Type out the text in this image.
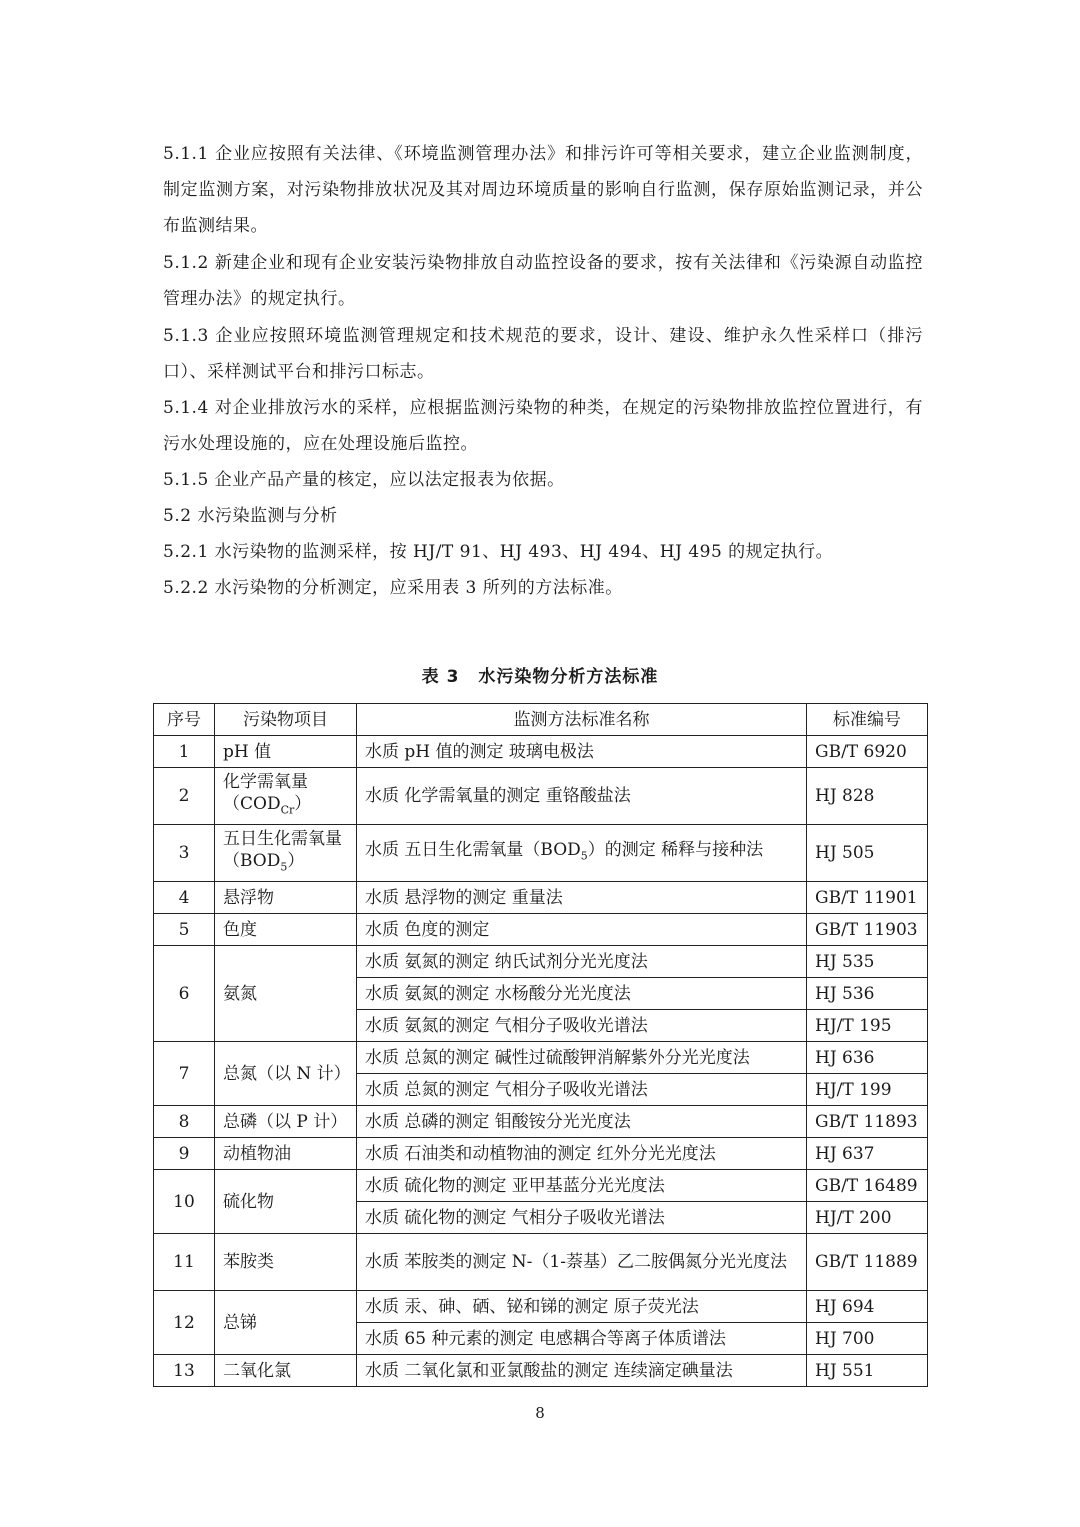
5.1.1 企业应按照有关法律、《环境监测管理办法》和排污许可等相关要求，建立企业监测制度，制定监测方案，对污染物排放状况及其对周边环境质量的影响自行监测，保存原始监测记录，并公布监测结果。
5.1.2 新建企业和现有企业安装污染物排放自动监控设备的要求，按有关法律和《污染源自动监控管理办法》的规定执行。
5.1.3 企业应按照环境监测管理规定和技术规范的要求，设计、建设、维护永久性采样口（排污口）、采样测试平台和排污口标志。
5.1.4 对企业排放污水的采样，应根据监测污染物的种类，在规定的污染物排放监控位置进行，有污水处理设施的，应在处理设施后监控。
5.1.5 企业产品产量的核定，应以法定报表为依据。
5.2 水污染监测与分析
5.2.1 水污染物的监测采样，按 HJ/T 91、HJ 493、HJ 494、HJ 495 的规定执行。
5.2.2 水污染物的分析测定，应采用表 3 所列的方法标准。
表 3 水污染物分析方法标准
序号	污染物项目	监测方法标准名称	标准编号
1	pH 值	水质 pH 值的测定 玻璃电极法	GB/T 6920
2	化学需氧量$(COD_{Cr})$	水质 化学需氧量的测定 重铬酸盐法	HJ 828
3	五日生化需氧量$(BOD_5)$	水质 五日生化需氧量$(BOD_5)$的测定 稀释与接种法	HJ 505
4	悬浮物	水质 悬浮物的测定 重量法	GB/T 11901
5	色度	水质 色度的测定	GB/T 11903
6	氨氮	水质 氨氮的测定 纳氏试剂分光光度法	HJ 535
		水质 氨氮的测定 水杨酸分光光度法	HJ 536
		水质 氨氮的测定 气相分子吸收光谱法	HJ/T 195
7	总氮（以 N 计）	水质 总氮的测定 碱性过硫酸钾消解紫外分光光度法	HJ 636
		水质 总氮的测定 气相分子吸收光谱法	HJ/T 199
8	总磷（以 P 计）	水质 总磷的测定 钼酸铵分光光度法	GB/T 11893
9	动植物油	水质 石油类和动植物油的测定 红外分光光度法	HJ 637
10	硫化物	水质 硫化物的测定 亚甲基蓝分光光度法	GB/T 16489
		水质 硫化物的测定 气相分子吸收光谱法	HJ/T 200
11	苯胺类	水质 苯胺类的测定 N-（1-萘基）乙二胺偶氮分光光度法	GB/T 11889
12	总锑	水质 汞、砷、硒、铋和锑的测定 原子荧光法	HJ 694
		水质 65 种元素的测定 电感耦合等离子体质谱法	HJ 700
13	二氧化氯	水质 二氧化氯和亚氯酸盐的测定 连续滴定碘量法	HJ 551
8
